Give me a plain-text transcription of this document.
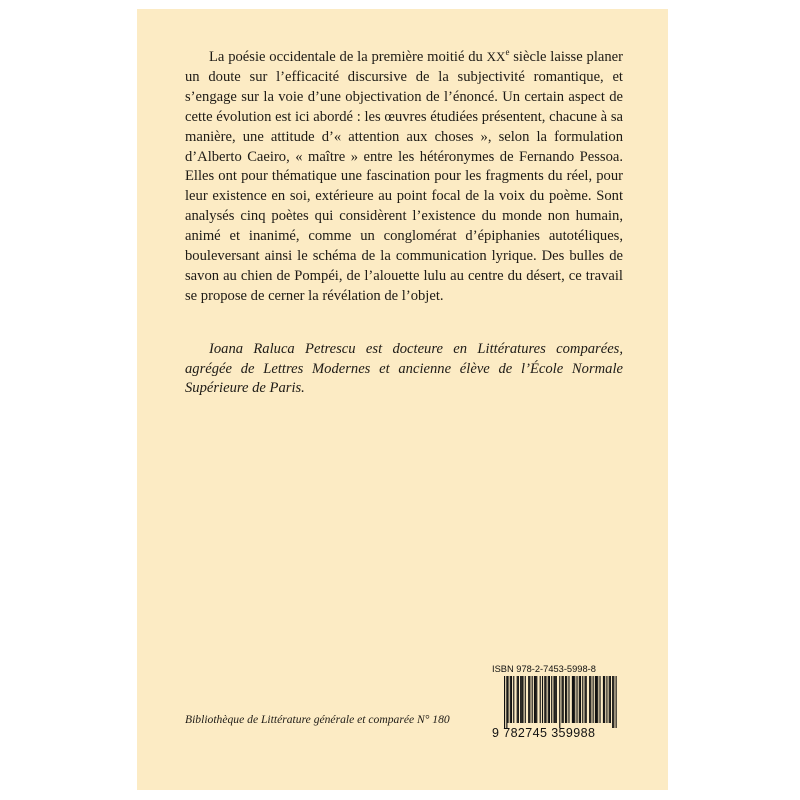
La poésie occidentale de la première moitié du XXe siècle laisse planer un doute sur l’efficacité discursive de la subjectivité romantique, et s’engage sur la voie d’une objectivation de l’énoncé. Un certain aspect de cette évolution est ici abordé : les œuvres étudiées présentent, chacune à sa manière, une attitude d’« attention aux choses », selon la formulation d’Alberto Caeiro, « maître » entre les hétéronymes de Fernando Pessoa. Elles ont pour thématique une fascination pour les fragments du réel, pour leur existence en soi, extérieure au point focal de la voix du poème. Sont analysés cinq poètes qui considèrent l’existence du monde non humain, animé et inanimé, comme un conglomérat d’épiphanies autotéliques, bouleversant ainsi le schéma de la communication lyrique. Des bulles de savon au chien de Pompéi, de l’alouette lulu au centre du désert, ce travail se propose de cerner la révélation de l’objet.

Ioana Raluca Petrescu est docteure en Littératures comparées, agrégée de Lettres Modernes et ancienne élève de l’École Normale Supérieure de Paris.

Bibliothèque de Littérature générale et comparée N° 180

ISBN 978-2-7453-5998-8

9 782745 359988
